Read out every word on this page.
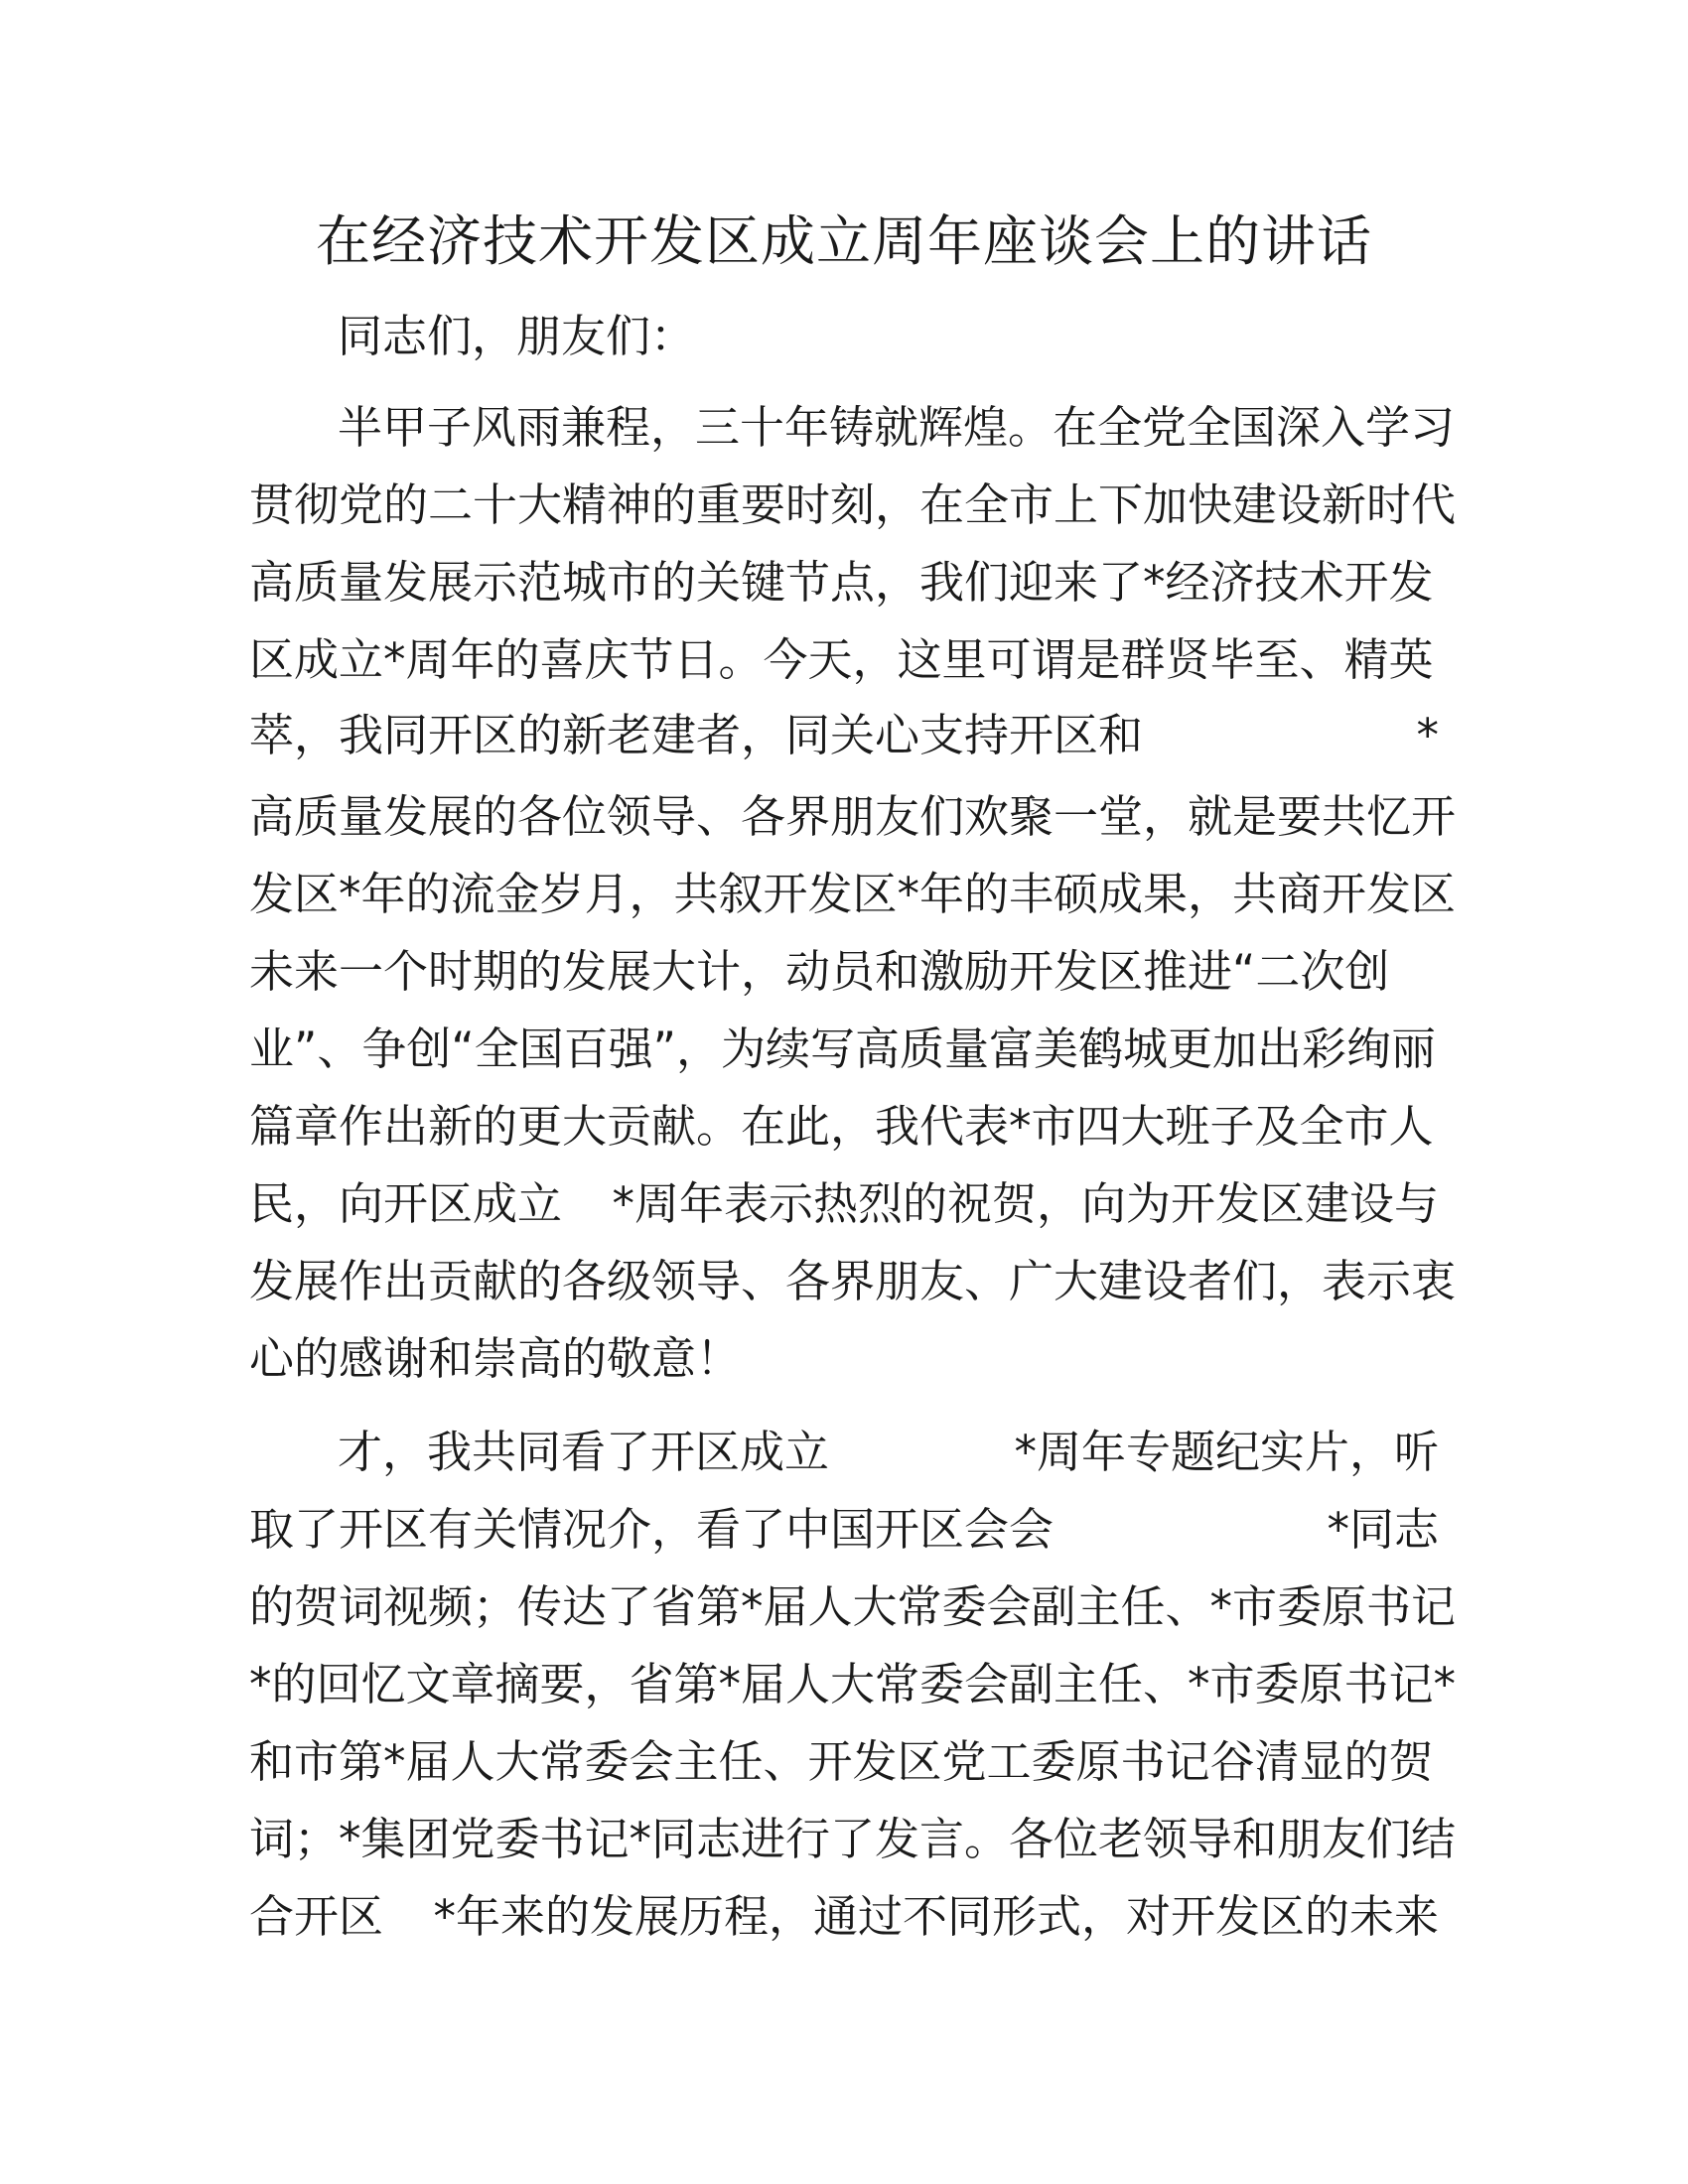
在经济技术开发区成立周年座谈会上的讲话
同志们，朋友们：
半甲子风雨兼程，三十年铸就辉煌。在全党全国深入学习
贯彻党的二十大精神的重要时刻，在全市上下加快建设新时代
高质量发展示范城市的关键节点，我们迎来了*经济技术开发
区成立*周年的喜庆节日。今天，这里可谓是群贤毕至、精英
萃，我同开区的新老建者，同关心支持开区和	*
高质量发展的各位领导、各界朋友们欢聚一堂，就是要共忆开
发区*年的流金岁月，共叙开发区*年的丰硕成果，共商开发区
未来一个时期的发展大计，动员和激励开发区推进“二次创
业”、争创“全国百强”，为续写高质量富美鹤城更加出彩绚丽
篇章作出新的更大贡献。在此，我代表*市四大班子及全市人
民，向开区成立 *周年表示热烈的祝贺，向为开发区建设与
发展作出贡献的各级领导、各界朋友、广大建设者们，表示衷
心的感谢和崇高的敬意！
才，我共同看了开区成立	*周年专题纪实片，听
取了开区有关情况介，看了中国开区会会	*同志
的贺词视频；传达了省第*届人大常委会副主任、*市委原书记
*的回忆文章摘要，省第*届人大常委会副主任、*市委原书记*
和市第*届人大常委会主任、开发区党工委原书记谷清显的贺
词；*集团党委书记*同志进行了发言。各位老领导和朋友们结
合开区 *年来的发展历程，通过不同形式，对开发区的未来
